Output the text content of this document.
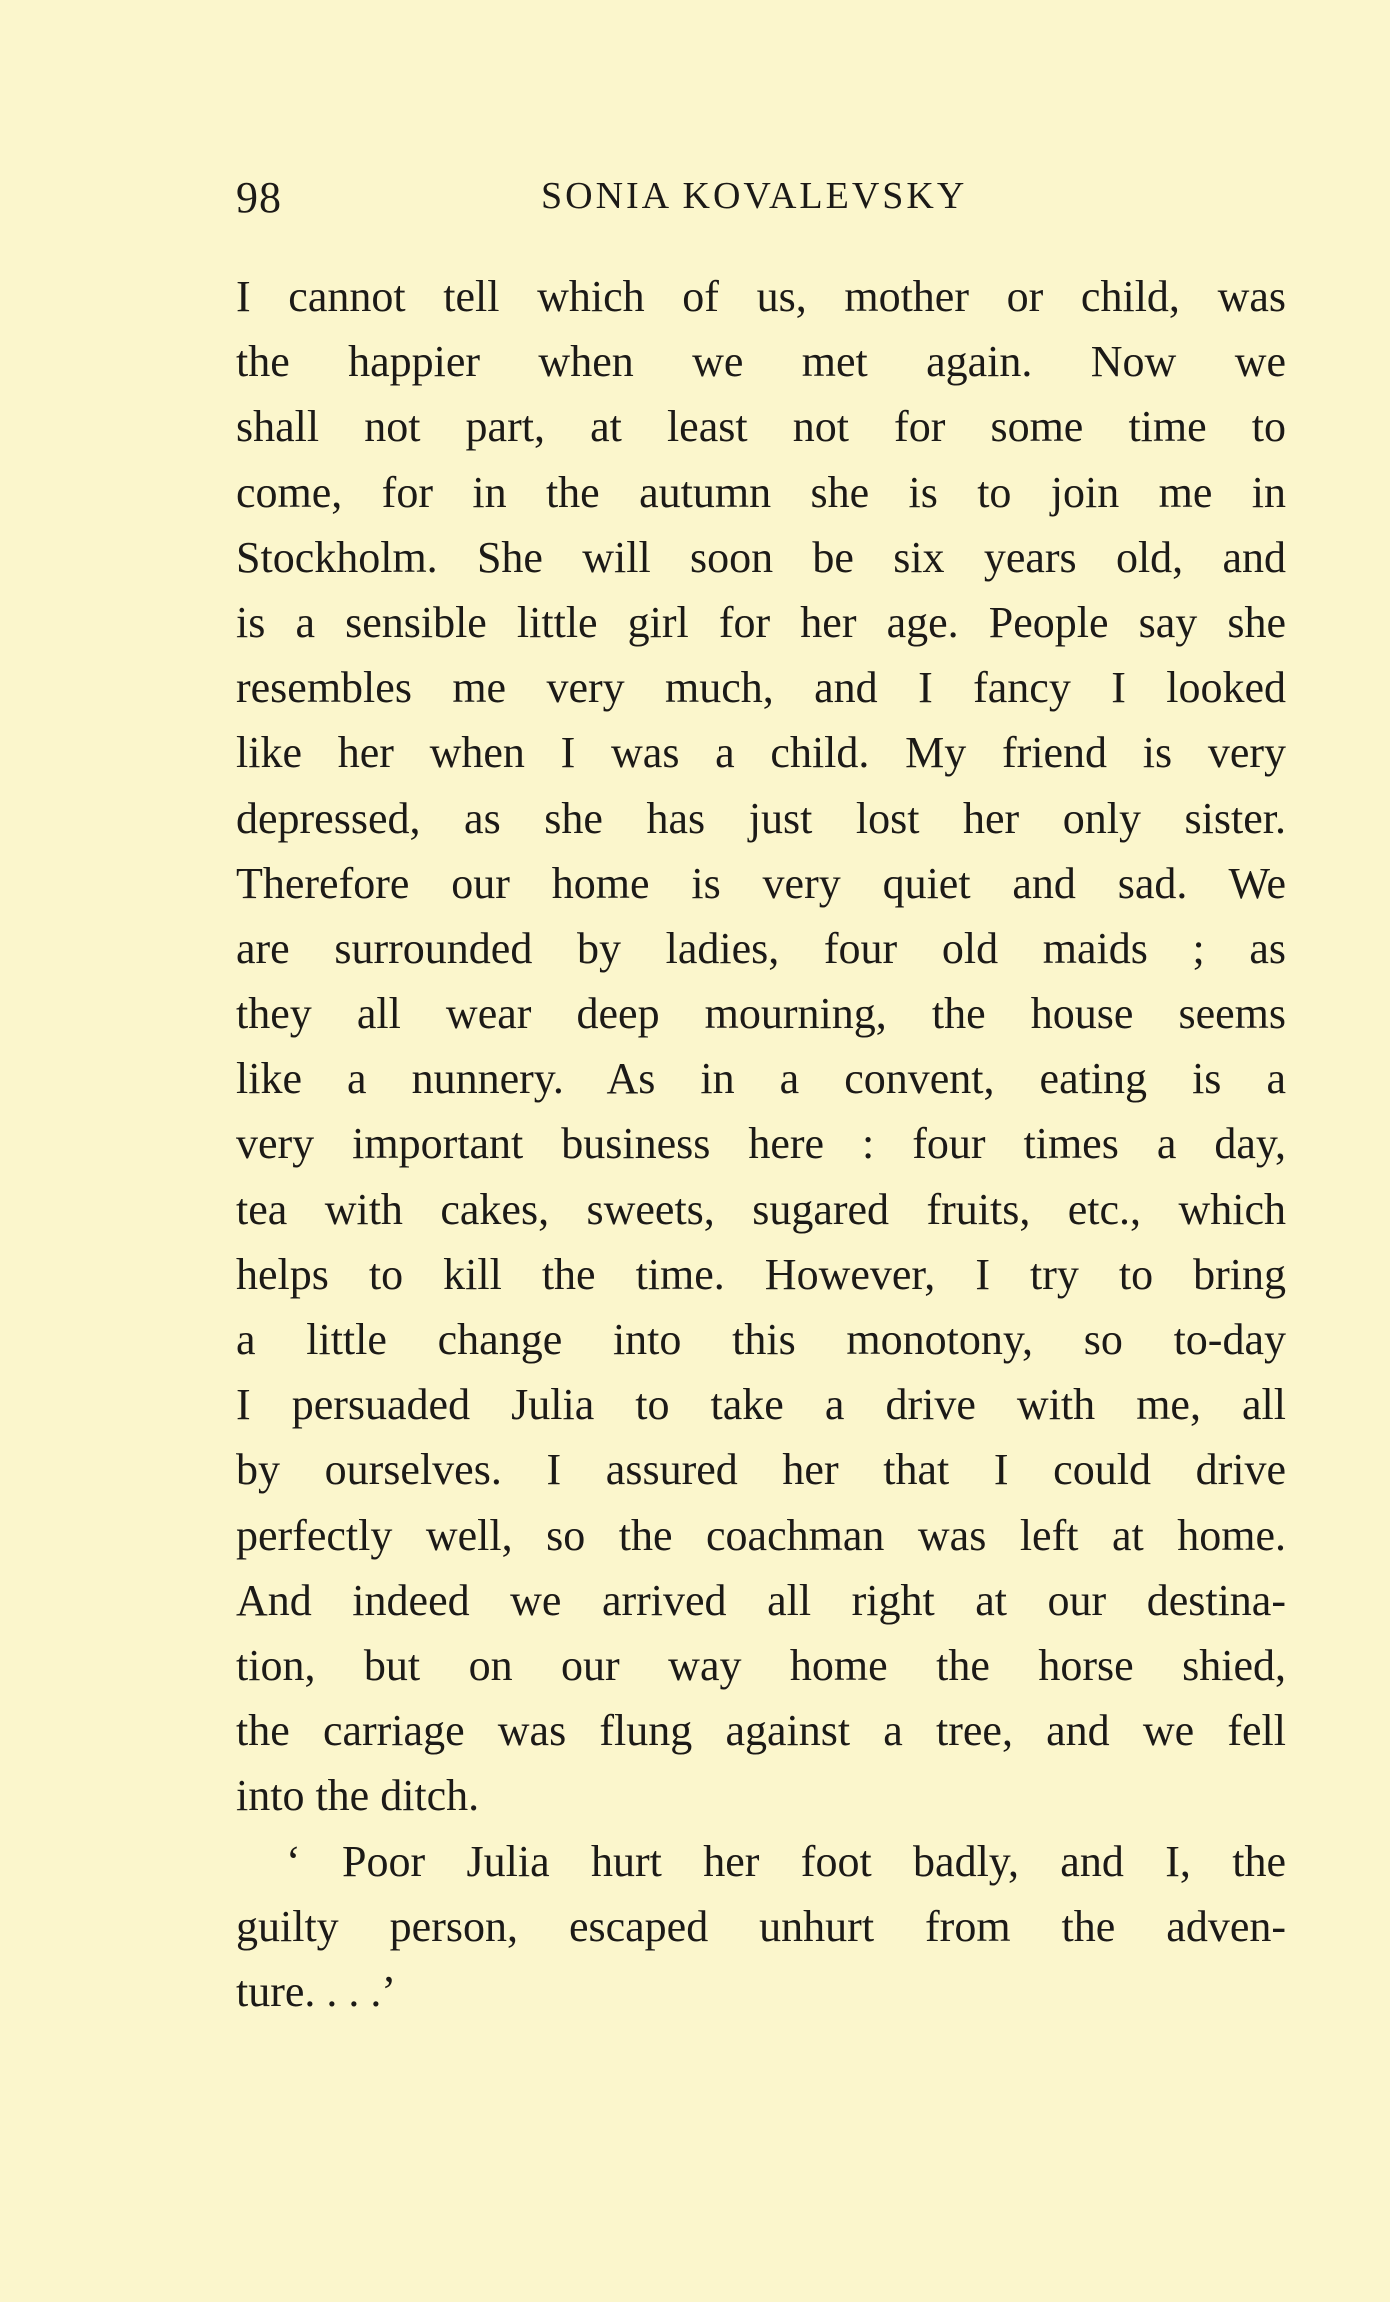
98	SONIA KOVALEVSKY
I cannot tell which of us, mother or child, was
the happier when we met again. Now we
shall not part, at least not for some time to
come, for in the autumn she is to join me in
Stockholm. She will soon be six years old, and
is a sensible little girl for her age. People say she
resembles me very much, and I fancy I looked
like her when I was a child. My friend is very
depressed, as she has just lost her only sister.
Therefore our home is very quiet and sad. We
are surrounded by ladies, four old maids ; as
they all wear deep mourning, the house seems
like a nunnery. As in a convent, eating is a
very important business here : four times a day,
tea with cakes, sweets, sugared fruits, etc., which
helps to kill the time. However, I try to bring
a little change into this monotony, so to-day
I persuaded Julia to take a drive with me, all
by ourselves. I assured her that I could drive
perfectly well, so the coachman was left at home.
And indeed we arrived all right at our destina-
tion, but on our way home the horse shied,
the carriage was flung against a tree, and we fell
into the ditch.
‘ Poor Julia hurt her foot badly, and I, the
guilty person, escaped unhurt from the adven-
ture. . . .’
